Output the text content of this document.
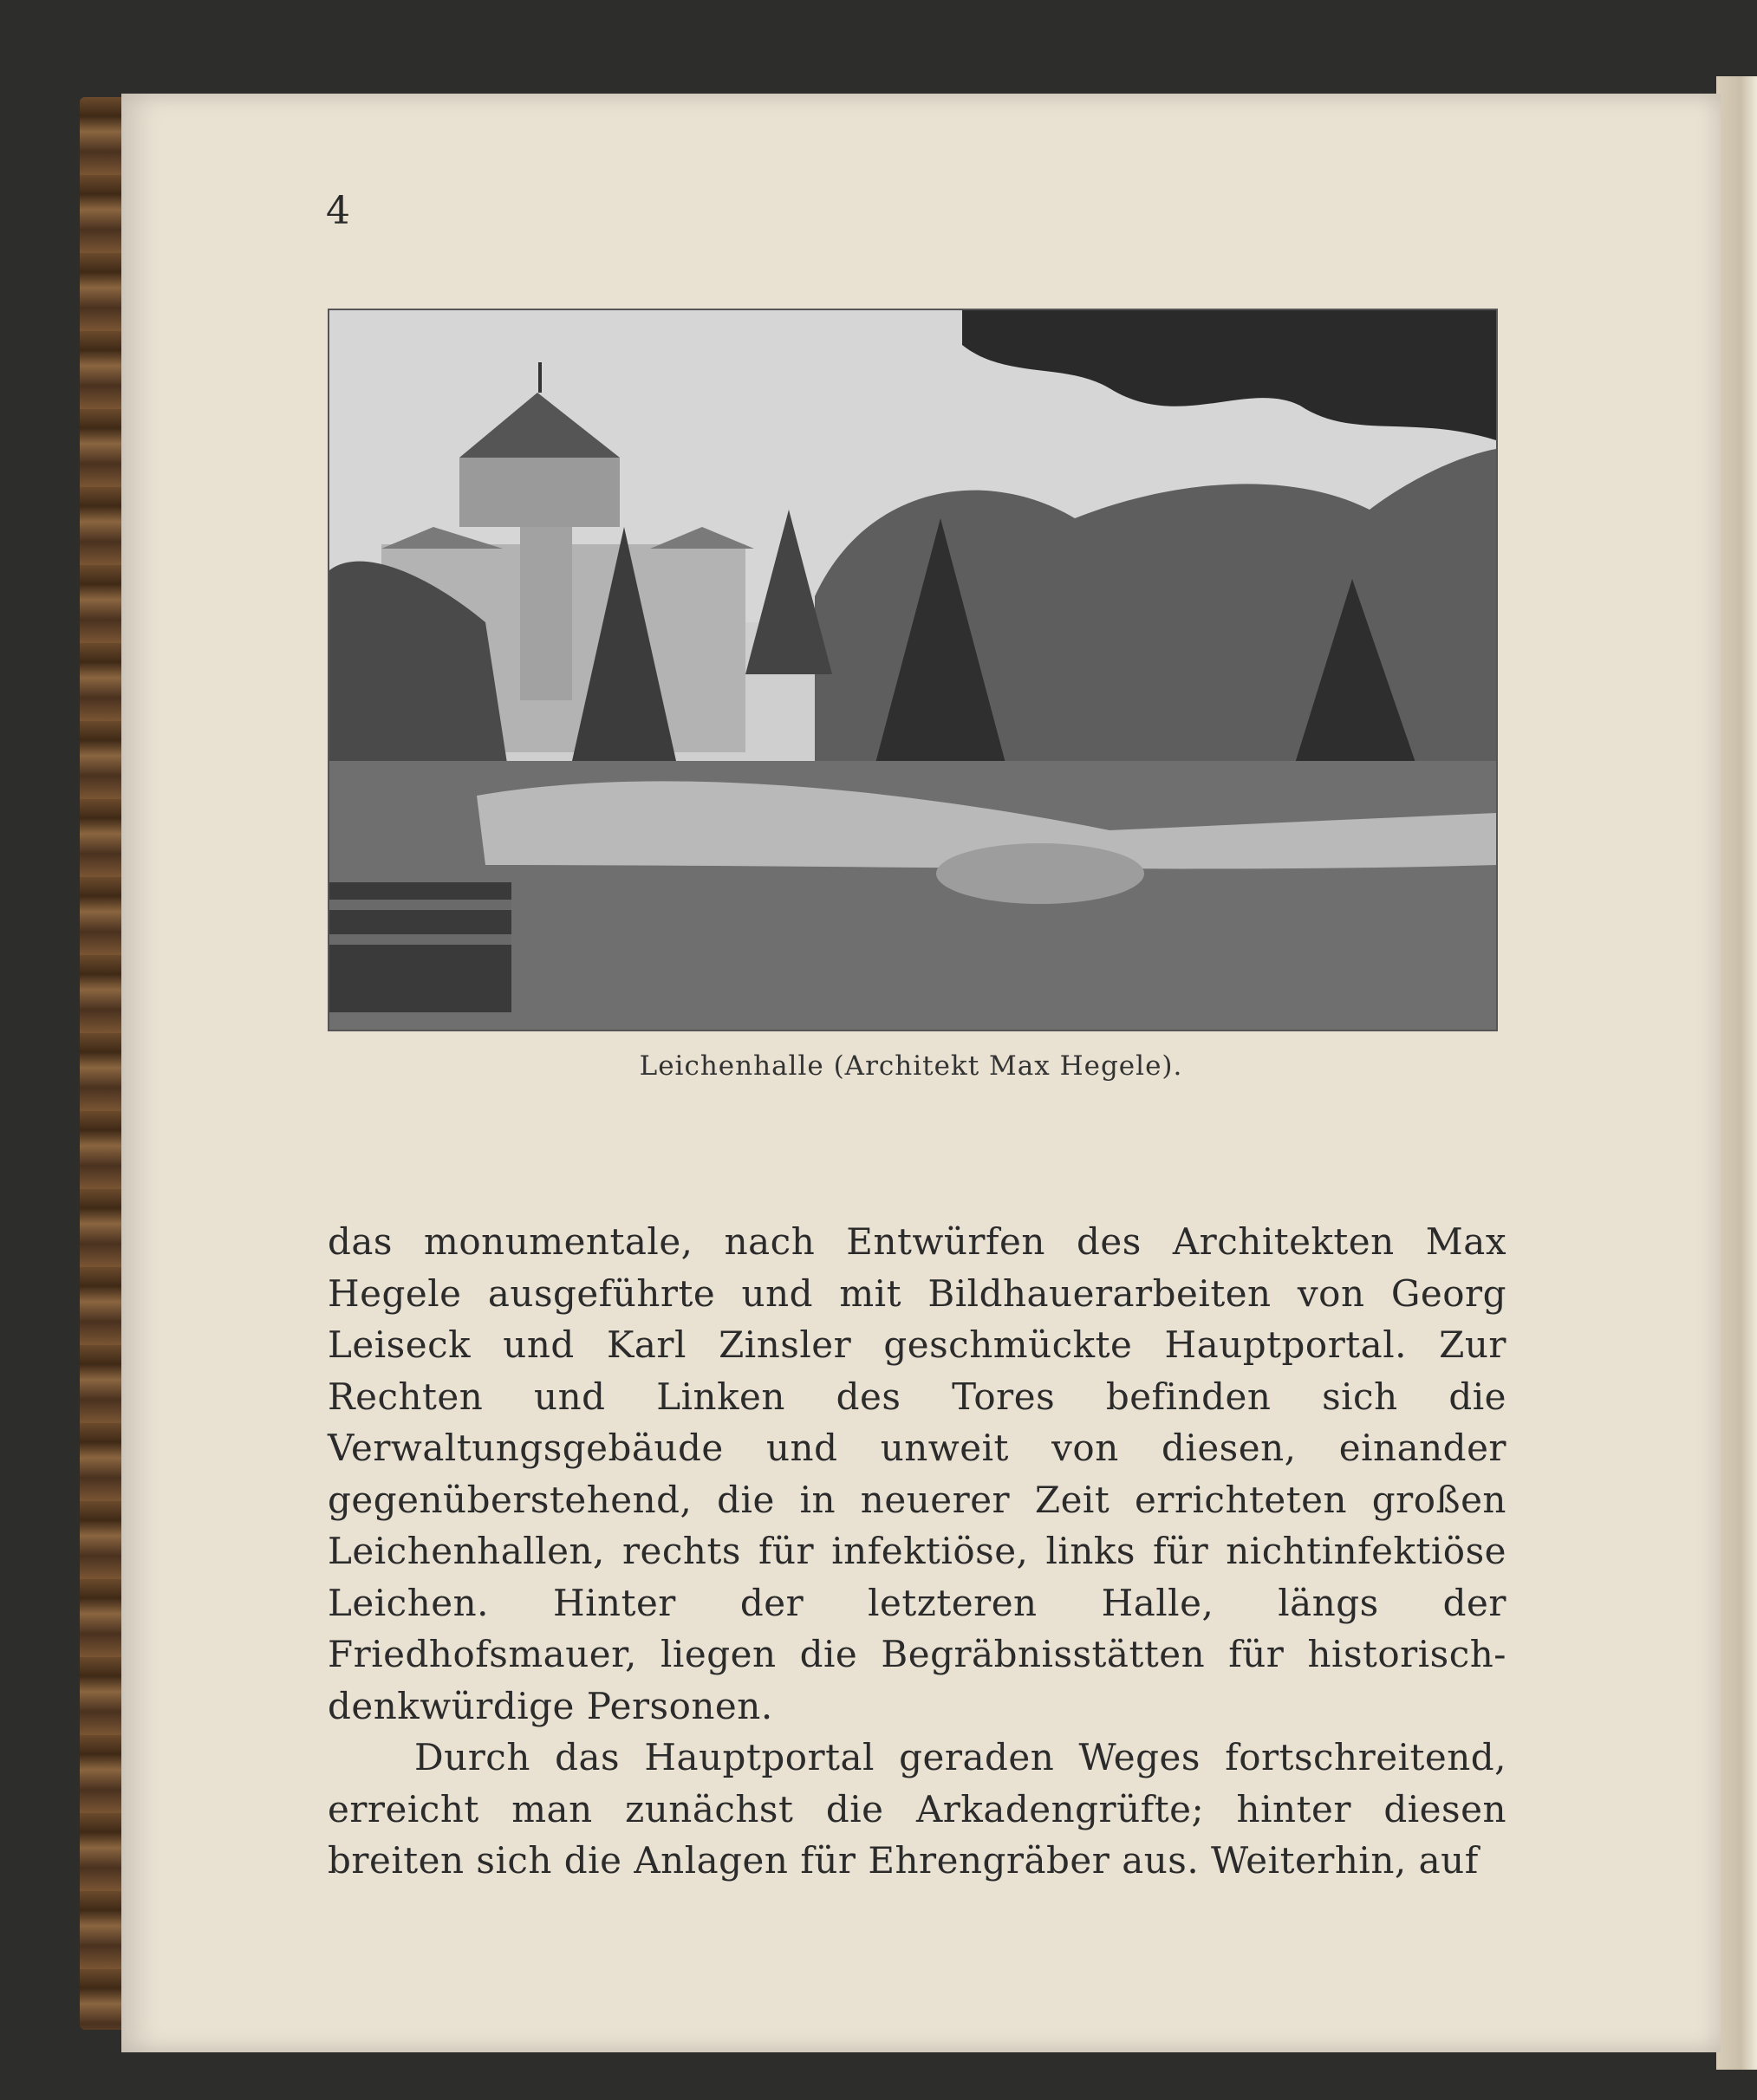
4
Leichenhalle (Architekt Max Hegele).

das monumentale, nach Entwürfen des Architekten Max Hegele ausgeführte und mit Bildhauerarbeiten von Georg Leiseck und Karl Zinsler geschmückte Hauptportal. Zur Rechten und Linken des Tores befinden sich die Verwaltungsgebäude und unweit von diesen, einander gegenüberstehend, die in neuerer Zeit errichteten großen Leichenhallen, rechts für infektiöse, links für nichtinfektiöse Leichen. Hinter der letzteren Halle, längs der Friedhofsmauer, liegen die Begräbnisstätten für historisch-denkwürdige Personen.

Durch das Hauptportal geraden Weges fortschreitend, erreicht man zunächst die Arkadengrüfte; hinter diesen breiten sich die Anlagen für Ehrengräber aus. Weiterhin, auf
